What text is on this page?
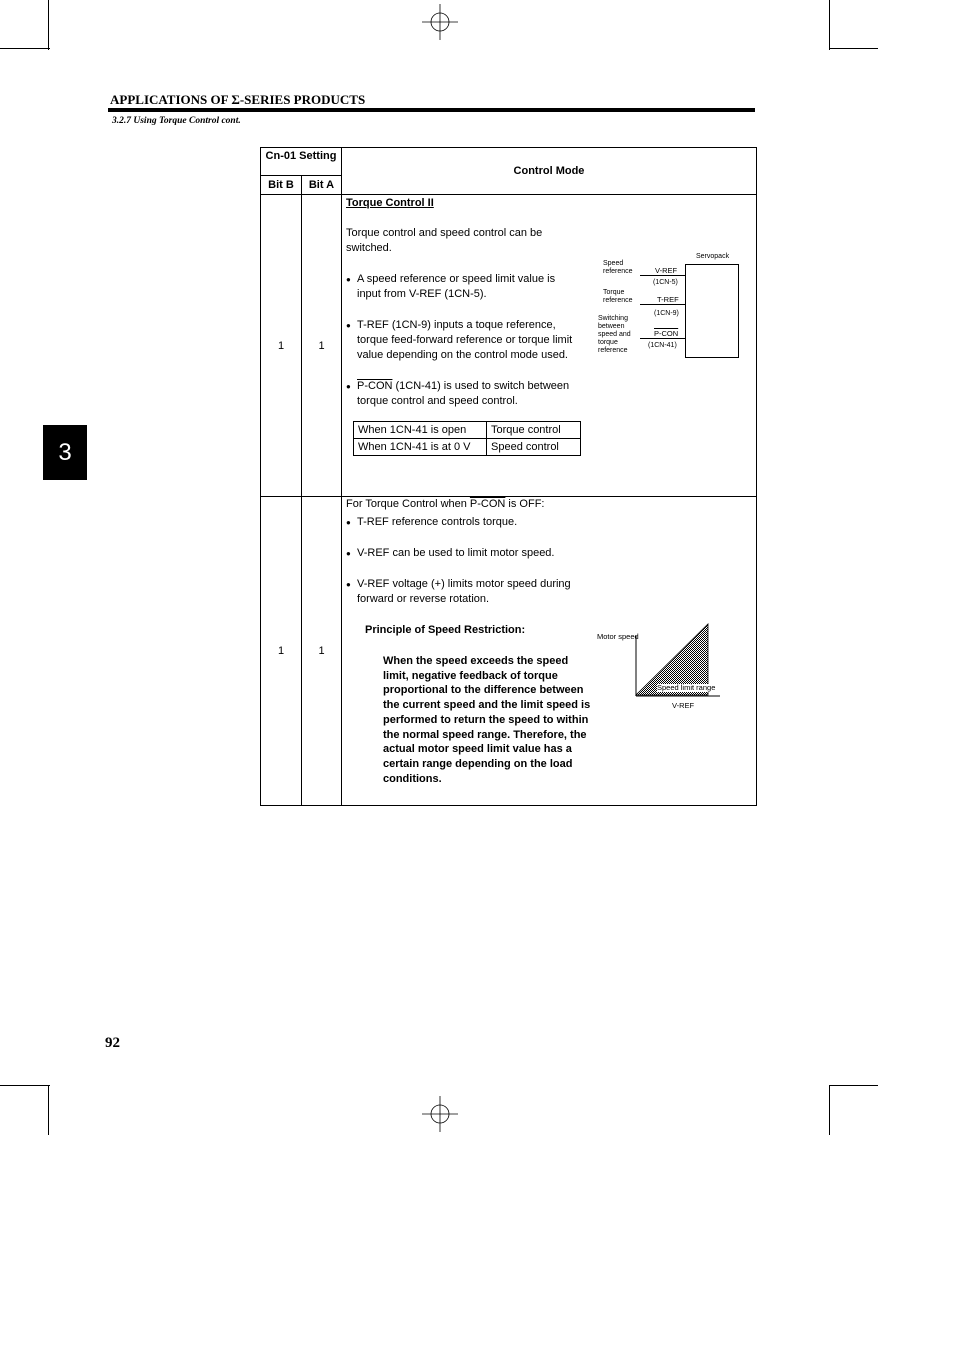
APPLICATIONS OF Σ-SERIES PRODUCTS
3.2.7 Using Torque Control cont.
3
Cn-01 Setting	Control Mode
Bit B	Bit A
1	1	
Torque Control II
Torque control and speed control can be switched.
● A speed reference or speed limit value is input from V-REF (1CN-5).
● T-REF (1CN-9) inputs a toque reference, torque feed-forward reference or torque limit value depending on the control mode used.
● P-CON (1CN-41) is used to switch between torque control and speed control.
When 1CN-41 is open	Torque control
When 1CN-41 is at 0 V	Speed control
Servopack
Speed reference
Torque reference
Switching between speed and torque reference
V-REF
(1CN-5)
T-REF
(1CN-9)
P-CON
(1CN-41)

1	1	
For Torque Control when P-CON is OFF:
● T-REF reference controls torque.
● V-REF can be used to limit motor speed.
● V-REF voltage (+) limits motor speed during forward or reverse rotation.
Principle of Speed Restriction:
When the speed exceeds the speed limit, negative feedback of torque proportional to the difference between the current speed and the limit speed is performed to return the speed to within the normal speed range. Therefore, the actual motor speed limit value has a certain range depending on the load conditions.
Motor speed
Speed limit range
V-REF
92
